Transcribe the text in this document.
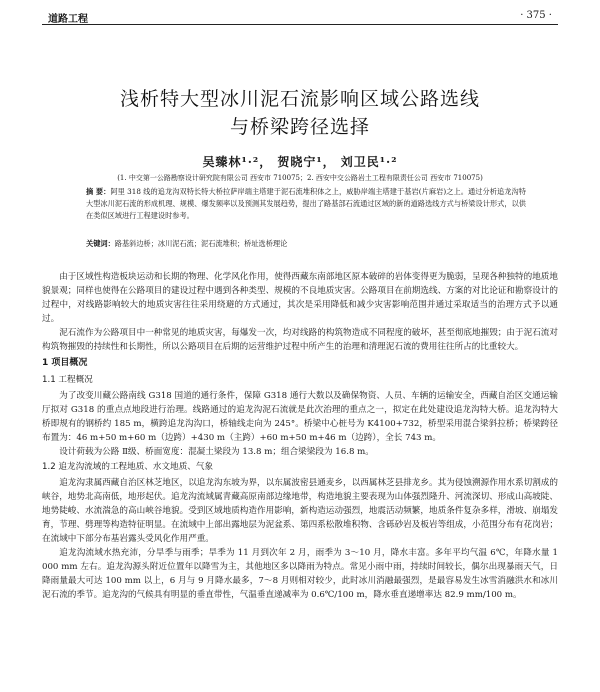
道路工程	· 375 ·
浅析特大型冰川泥石流影响区域公路选线
与桥梁跨径选择
吴臻林¹·²， 贺晓宁¹， 刘卫民¹·²
(1. 中交第一公路勘察设计研究院有限公司 西安市 710075；2. 西安中交公路岩土工程有限责任公司 西安市 710075)
摘 要：阿里 318 线的追龙沟双特长特大桥拉萨岸端主塔建于泥石流堆积体之上，威胁岸端主塔建于基岩(片麻岩)之上。通过分析追龙沟特大型冰川泥石流的形成机理、规模、爆发频率以及预测其发展趋势，提出了路基部石流通过区域的新的道路选线方式与桥梁设计形式，以供在类似区域进行工程建设时参考。
关键词：路基斜边桥；冰川泥石流；泥石流堆积；桥址选桥理论

由于区域性构造板块运动和长期的物理、化学风化作用，使得西藏东南部地区原本破碎的岩体变得更为脆弱，呈现各种独特的地质地貌景观；同样也使得在公路项目的建设过程中遇到各种类型、规模的不良地质灾害。公路项目在前期选线、方案的对比论证和勘察设计的过程中，对线路影响较大的地质灾害往往采用绕避的方式通过，其次是采用降低和减少灾害影响范围并通过采取适当的治理方式予以通过。

泥石流作为公路项目中一种常见的地质灾害，每爆发一次，均对线路的构筑物造成不同程度的破坏，甚至彻底地摧毁；由于泥石流对构筑物摧毁的持续性和长期性，所以公路项目在后期的运营维护过程中所产生的治理和清理泥石流的费用往往所占的比重较大。

1 项目概况

1.1 工程概况

为了改变川藏公路南线 G318 国道的通行条件，保障 G318 通行大数以及确保物资、人员、车辆的运输安全，西藏自治区交通运输厅拟对 G318 的重点点地段进行治理。线路通过的追龙沟泥石流就是此次治理的重点之一，拟定在此处建设追龙沟特大桥。追龙沟特大桥即规有的钢桥约 185 m，横跨追龙沟沟口，桥轴线走向为 245°。桥梁中心桩号为 K4100+732，桥型采用混合梁斜拉桥；桥梁跨径布置为：46 m+50 m+60 m（边跨）+430 m（主跨）+60 m+50 m+46 m（边跨），全长 743 m。

设计荷载为公路 Ⅱ级、桥面宽度：混凝土梁段为 13.8 m；组合梁梁段为 16.8 m。

1.2 追龙沟流域的工程地质、水文地质、气象

追龙沟隶属西藏自治区林芝地区，以追龙沟东坡为界，以东属波密县通麦乡，以西属林芝县排龙乡。其为侵蚀溯源作用水系切割成的峡谷，地势北高南低，地形起伏。追龙沟流域属青藏高原南部边缘地带，构造地貌主要表现为山体强烈隆升、河流深切、形成山高坡陡、地势陡峻、水流湍急的高山峡谷地貌。受到区域地质构造作用影响，新构造运动强烈，地震活动频繁，地质条件复杂多样，滑坡、崩塌发育，节理、劈理等构造特征明显。在流域中上部出露地层为泥盆系、第四系松散堆积物、含砾砂岩及板岩等组成，小范围分布有花岗岩；在流域中下部分布基岩露头受风化作用严重。

追龙沟流域水热充沛，分旱季与雨季；旱季为 11 月到次年 2 月，雨季为 3～10 月，降水丰富。多年平均气温 6℃，年降水量 1 000 mm 左右。追龙沟源头附近位置年以降雪为主，其他地区多以降雨为特点。常见小雨中雨，持续时间较长，偶尔出现暴雨天气，日降雨量最大可达 100 mm 以上，6 月与 9 月降水最多，7～8 月则相对较少，此时冰川消融最强烈，是最容易发生冰雪消融洪水和冰川泥石流的季节。追龙沟的气候具有明显的垂直带性，气温垂直递减率为 0.6℃/100 m，降水垂直递增率达 82.9 mm/100 m。
